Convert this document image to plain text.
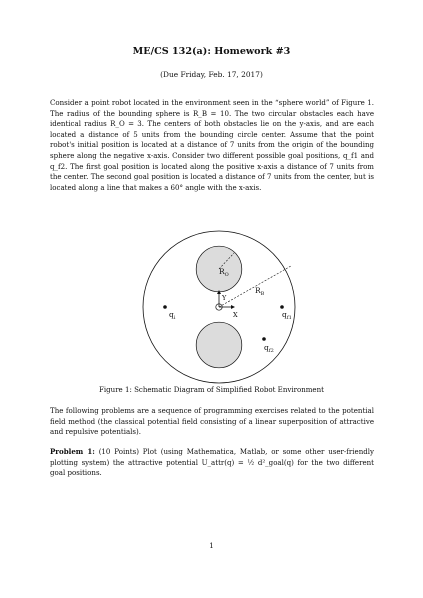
ME/CS 132(a): Homework #3
(Due Friday, Feb. 17, 2017)
Consider a point robot located in the environment seen in the “sphere world” of Figure 1. The radius of the bounding sphere is R_B = 10. The two circular obstacles each have identical radius R_O = 3. The centers of both obstacles lie on the y-axis, and are each located a distance of 5 units from the bounding circle center. Assume that the point robot's initial position is located at a distance of 7 units from the origin of the bounding sphere along the negative x-axis. Consider two different possible goal positions, q_f1 and q_f2. The first goal position is located along the positive x-axis a distance of 7 units from the center. The second goal position is located a distance of 7 units from the center, but is located along a line that makes a 60° angle with the x-axis.
$R_O$
$R_B$
Y
X
$q_i$	$q_{f1}$
$q_{f2}$
Figure 1: Schematic Diagram of Simplified Robot Environment
The following problems are a sequence of programming exercises related to the potential field method (the classical potential field consisting of a linear superposition of attractive and repulsive potentials).
Problem 1: (10 Points) Plot (using Mathematica, Matlab, or some other user-friendly plotting system) the attractive potential U_attr(q) = ½ d²_goal(q) for the two different goal positions.
1
